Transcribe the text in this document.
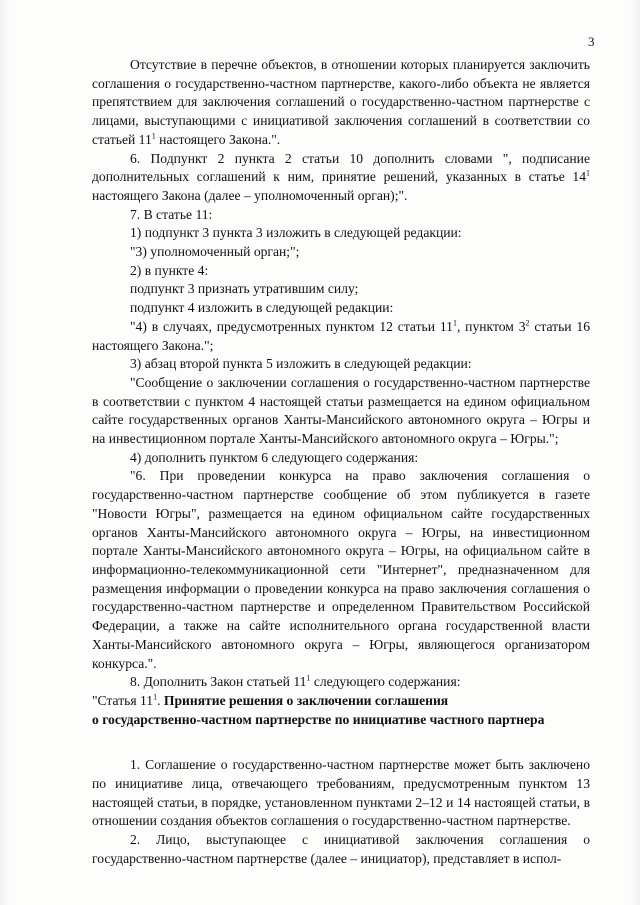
3

Отсутствие в перечне объектов, в отношении которых планируется заключить соглашения о государственно-частном партнерстве, какого-либо объекта не является препятствием для заключения соглашений о государственно-частном партнерстве с лицами, выступающими с инициативой заключения соглашений в соответствии со статьей $11^1$ настоящего Закона.".

6. Подпункт 2 пункта 2 статьи 10 дополнить словами ", подписание дополнительных соглашений к ним, принятие решений, указанных в статье $14^1$ настоящего Закона (далее – уполномоченный орган);".

7. В статье 11:

1) подпункт 3 пункта 3 изложить в следующей редакции:

"3) уполномоченный орган;";

2) в пункте 4:

подпункт 3 признать утратившим силу;

подпункт 4 изложить в следующей редакции:

"4) в случаях, предусмотренных пунктом 12 статьи $11^1$, пунктом $3^2$ статьи 16 настоящего Закона.";

3) абзац второй пункта 5 изложить в следующей редакции:

"Сообщение о заключении соглашения о государственно-частном партнерстве в соответствии с пунктом 4 настоящей статьи размещается на едином официальном сайте государственных органов Ханты-Мансийского автономного округа – Югры и на инвестиционном портале Ханты-Мансийского автономного округа – Югры.";

4) дополнить пунктом 6 следующего содержания:

"6. При проведении конкурса на право заключения соглашения о государственно-частном партнерстве сообщение об этом публикуется в газете "Новости Югры", размещается на едином официальном сайте государственных органов Ханты-Мансийского автономного округа – Югры, на инвестиционном портале Ханты-Мансийского автономного округа – Югры, на официальном сайте в информационно-телекоммуникационной сети "Интернет", предназначенном для размещения информации о проведении конкурса на право заключения соглашения о государственно-частном партнерстве и определенном Правительством Российской Федерации, а также на сайте исполнительного органа государственной власти Ханты-Мансийского автономного округа – Югры, являющегося организатором конкурса.".

8. Дополнить Закон статьей $11^1$ следующего содержания:

"Статья $11^1$. Принятие решения о заключении соглашения

о государственно-частном партнерстве по инициативе частного партнера

1. Соглашение о государственно-частном партнерстве может быть заключено по инициативе лица, отвечающего требованиям, предусмотренным пунктом 13 настоящей статьи, в порядке, установленном пунктами 2–12 и 14 настоящей статьи, в отношении создания объектов соглашения о государственно-частном партнерстве.

2. Лицо, выступающее с инициативой заключения соглашения о государственно-частном партнерстве (далее – инициатор), представляет в испол-
